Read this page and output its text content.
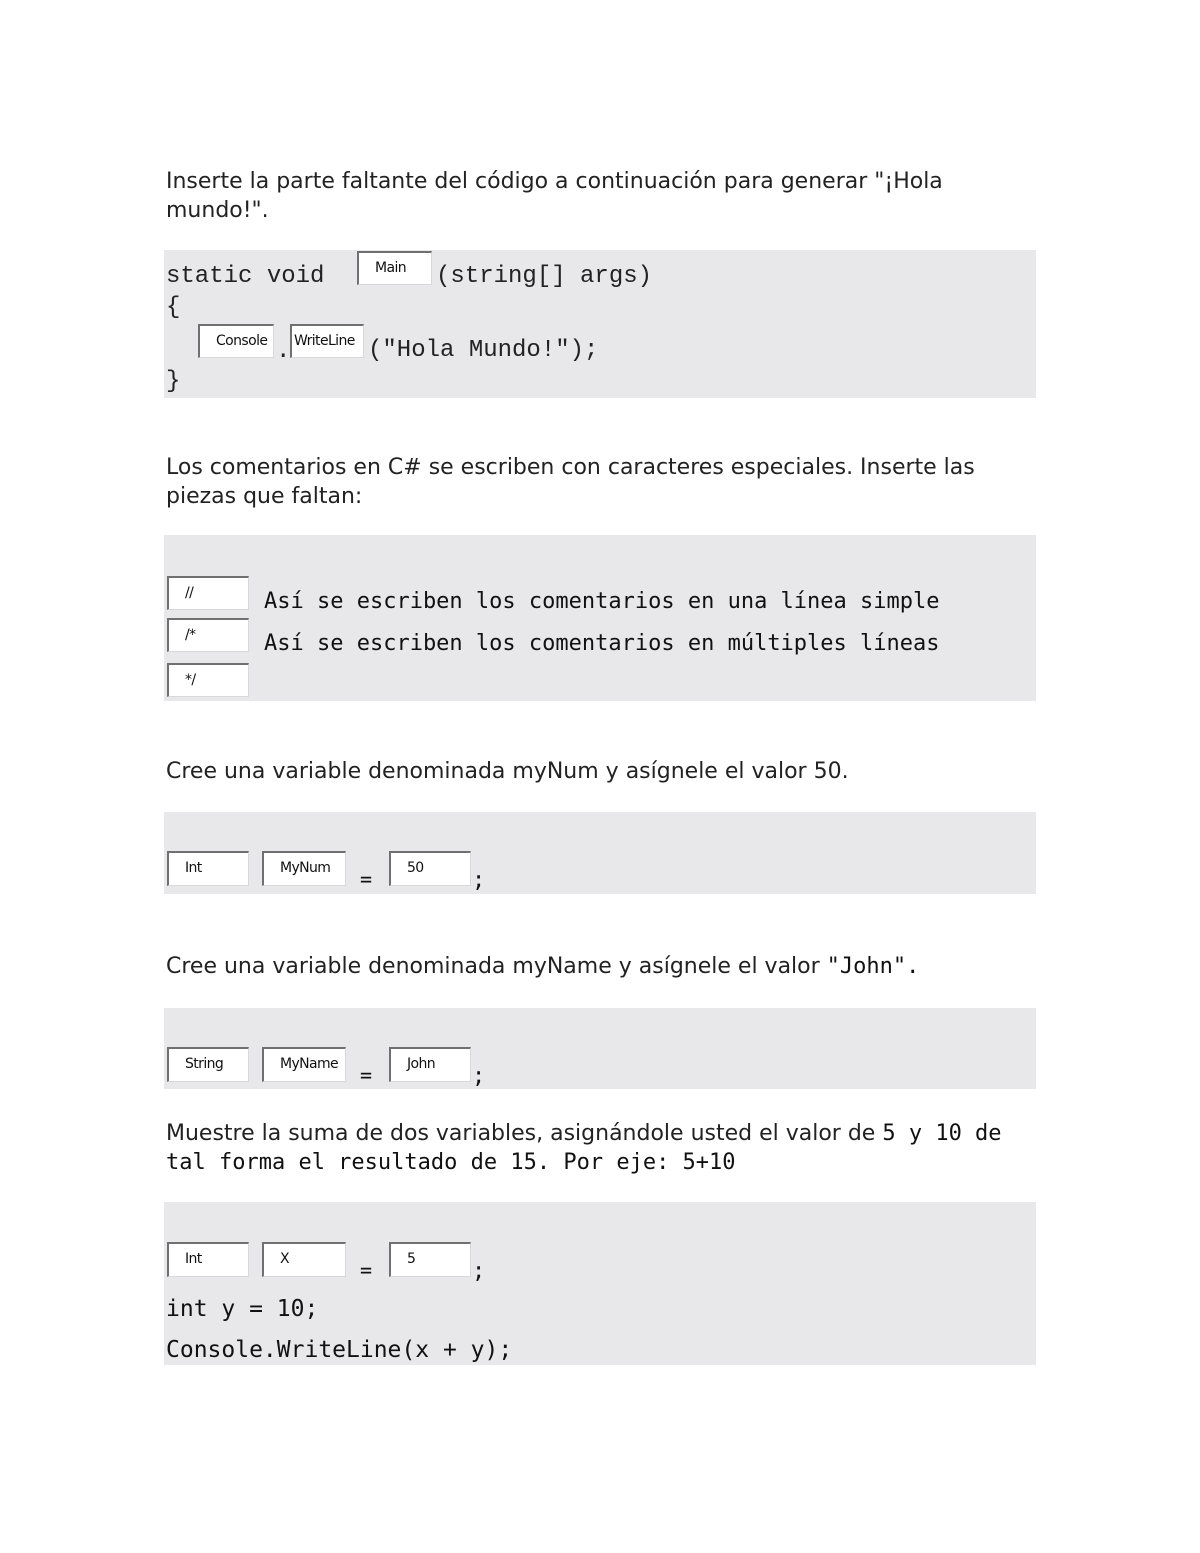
Inserte la parte faltante del código a continuación para generar "¡Hola mundo!".
static void	Main	(string[] args)
{
Console . WriteLine ("Hola Mundo!");
}
Los comentarios en C# se escriben con caracteres especiales. Inserte las piezas que faltan:
//	Así se escriben los comentarios en una línea simple
/*	Así se escriben los comentarios en múltiples líneas
*/
Cree una variable denominada myNum y asígnele el valor 50.
Int	MyNum	=	50	;
Cree una variable denominada myName y asígnele el valor "John".
String	MyName	=	John	;
Muestre la suma de dos variables, asignándole usted el valor de 5 y 10 de tal forma el resultado de 15. Por eje: 5+10
Int	X	=	5	;
int y = 10;
Console.WriteLine(x + y);
